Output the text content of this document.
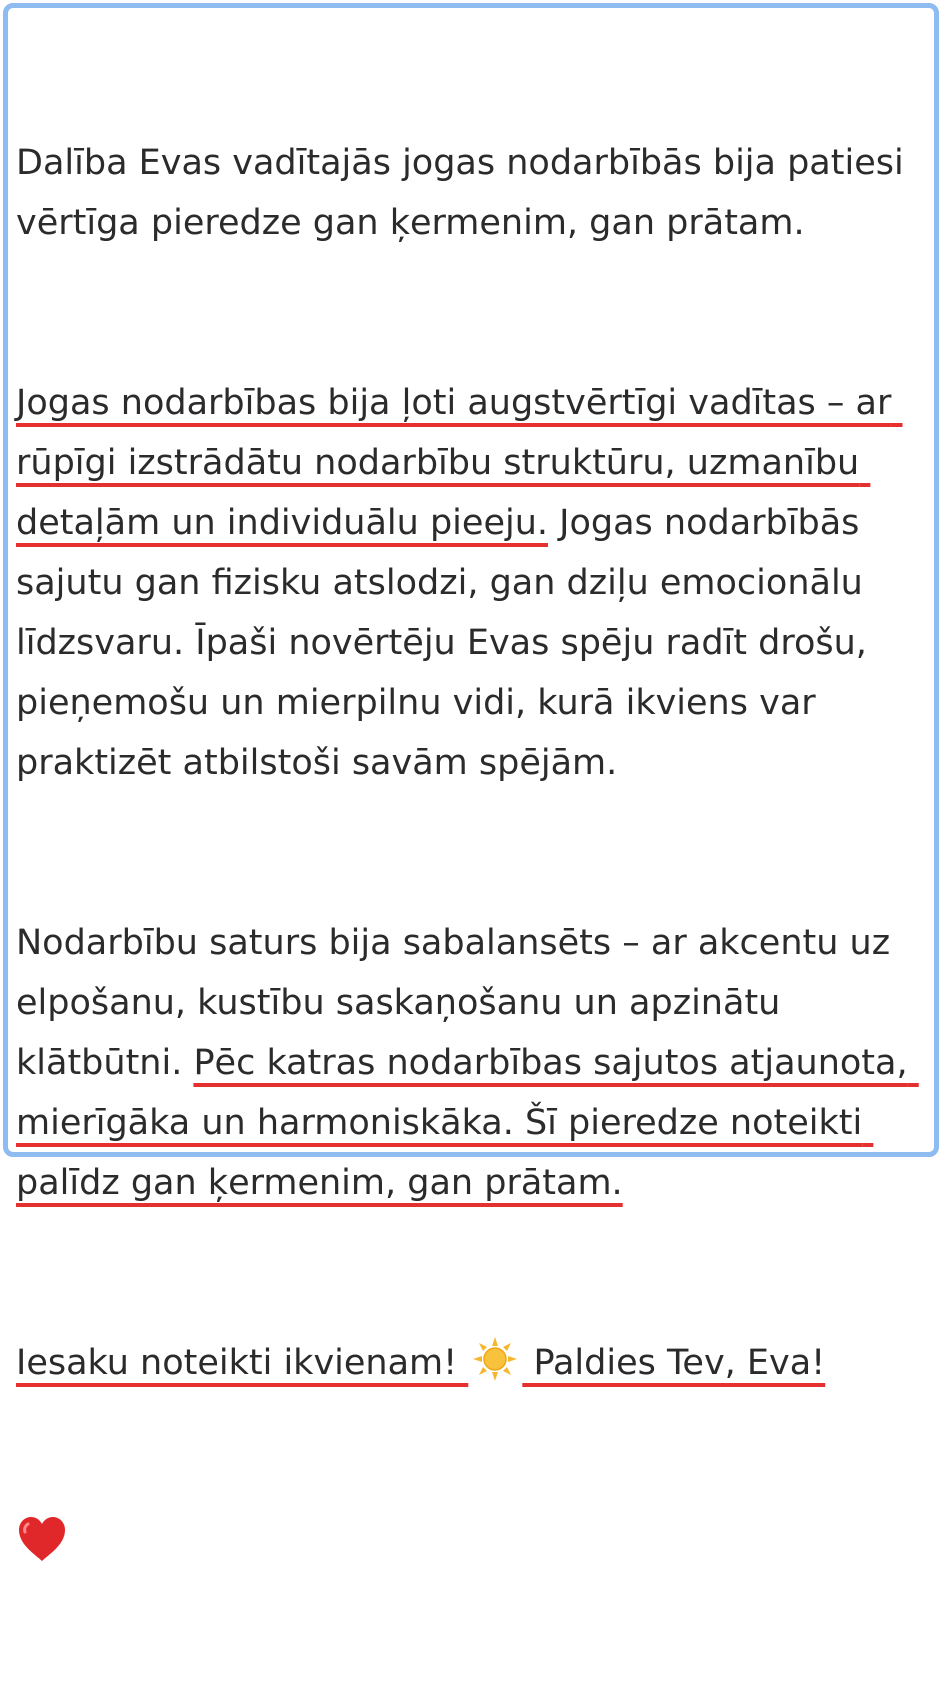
Dalība Evas vadītajās jogas nodarbībās bija patiesi vērtīga pieredze gan ķermenim, gan prātam.

Jogas nodarbības bija ļoti augstvērtīgi vadītas – ar rūpīgi izstrādātu nodarbību struktūru, uzmanību detaļām un individuālu pieeju. Jogas nodarbībās sajutu gan fizisku atslodzi, gan dziļu emocionālu līdzsvaru. Īpaši novērtēju Evas spēju radīt drošu, pieņemošu un mierpilnu vidi, kurā ikviens var praktizēt atbilstoši savām spējām.

Nodarbību saturs bija sabalansēts – ar akcentu uz elpošanu, kustību saskaņošanu un apzinātu klātbūtni. Pēc katras nodarbības sajutos atjaunota, mierīgāka un harmoniskāka. Šī pieredze noteikti palīdz gan ķermenim, gan prātam.

Iesaku noteikti ikvienam!  Paldies Tev, Eva!
